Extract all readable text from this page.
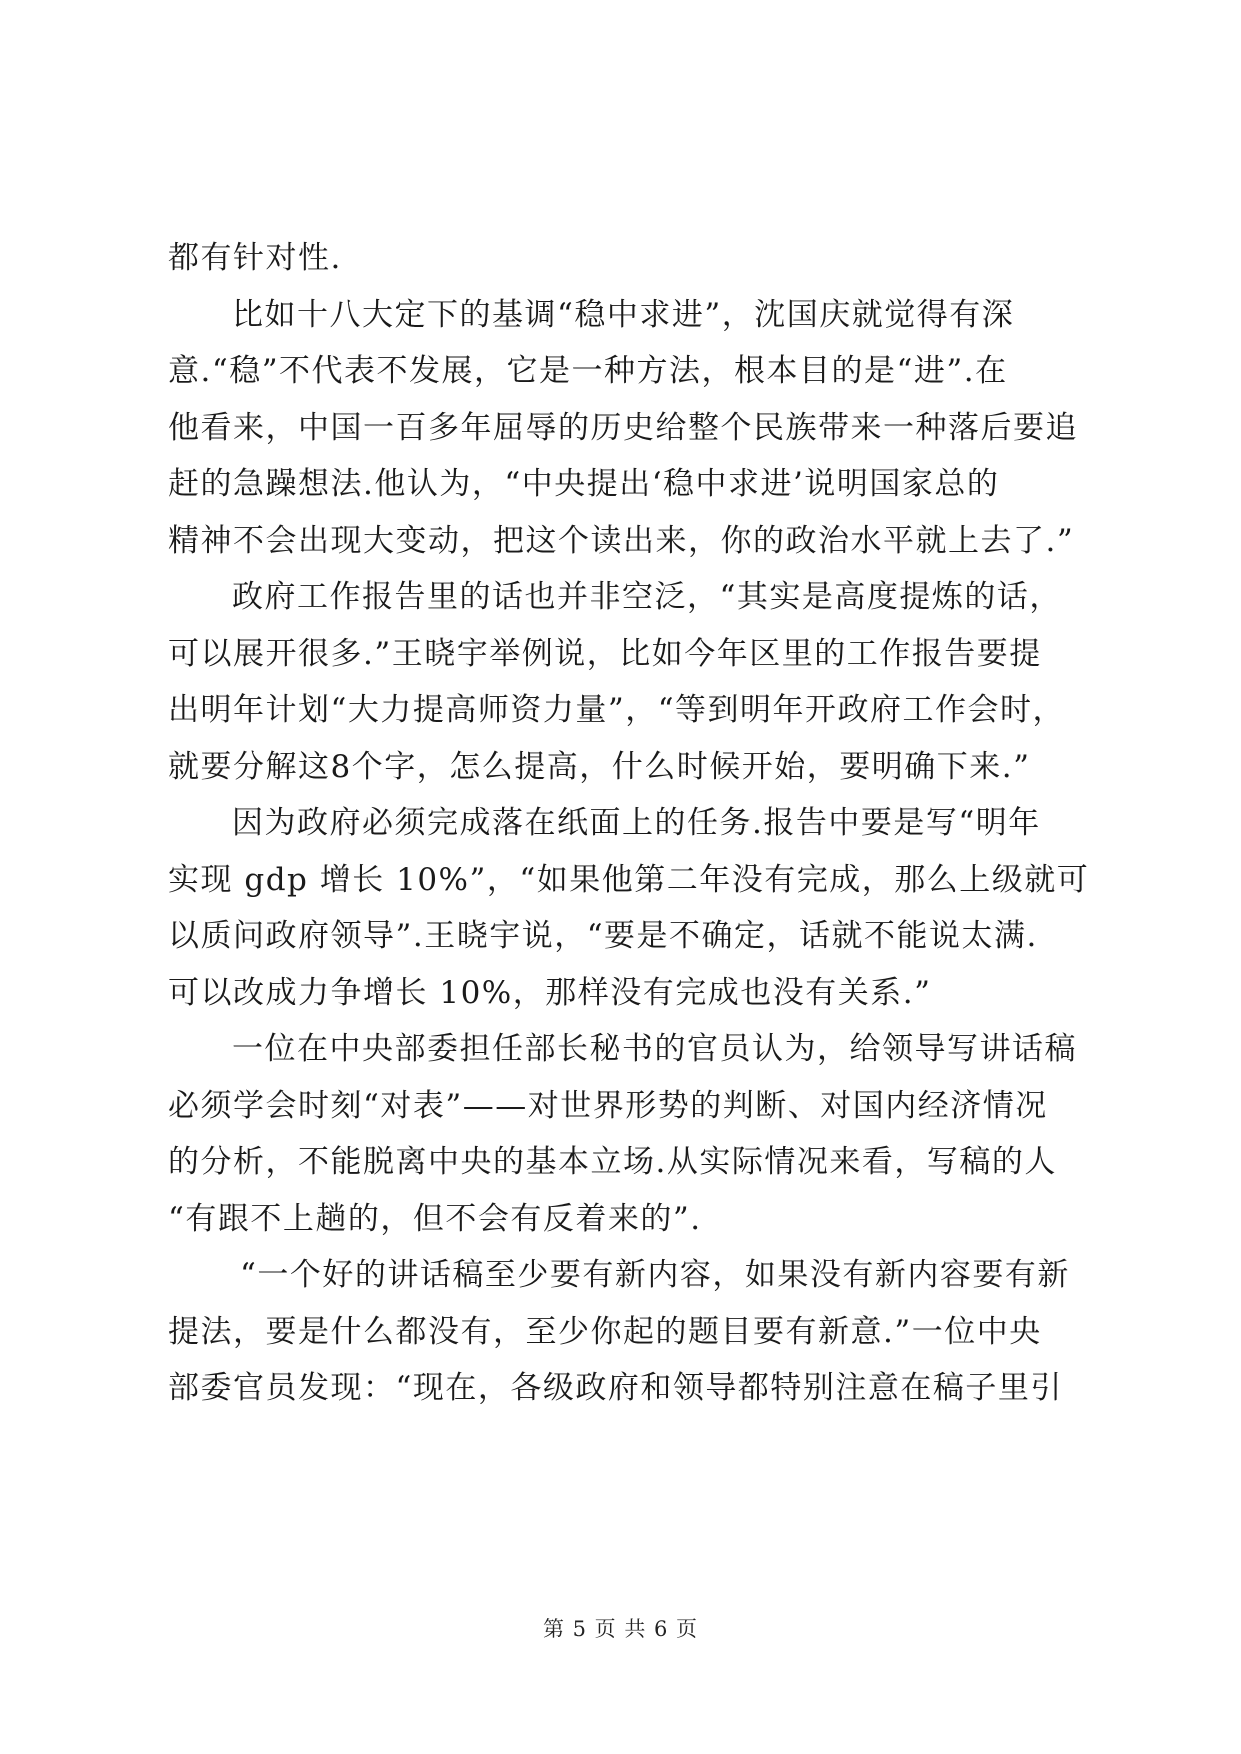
都有针对性.
比如十八大定下的基调“稳中求进”，沈国庆就觉得有深
意.“稳”不代表不发展，它是一种方法，根本目的是“进”.在
他看来，中国一百多年屈辱的历史给整个民族带来一种落后要追
赶的急躁想法.他认为，“中央提出‘稳中求进’说明国家总的
精神不会出现大变动，把这个读出来，你的政治水平就上去了.”
政府工作报告里的话也并非空泛，“其实是高度提炼的话，
可以展开很多.”王晓宇举例说，比如今年区里的工作报告要提
出明年计划“大力提高师资力量”，“等到明年开政府工作会时，
就要分解这8个字，怎么提高，什么时候开始，要明确下来.”
因为政府必须完成落在纸面上的任务.报告中要是写“明年
实现 gdp 增长 10%”，“如果他第二年没有完成，那么上级就可
以质问政府领导”.王晓宇说，“要是不确定，话就不能说太满.
可以改成力争增长 10%，那样没有完成也没有关系.”
一位在中央部委担任部长秘书的官员认为，给领导写讲话稿
必须学会时刻“对表”——对世界形势的判断、对国内经济情况
的分析，不能脱离中央的基本立场.从实际情况来看，写稿的人
“有跟不上趟的，但不会有反着来的”.
“一个好的讲话稿至少要有新内容，如果没有新内容要有新
提法，要是什么都没有，至少你起的题目要有新意.”一位中央
部委官员发现：“现在，各级政府和领导都特别注意在稿子里引
第 5 页 共 6 页
